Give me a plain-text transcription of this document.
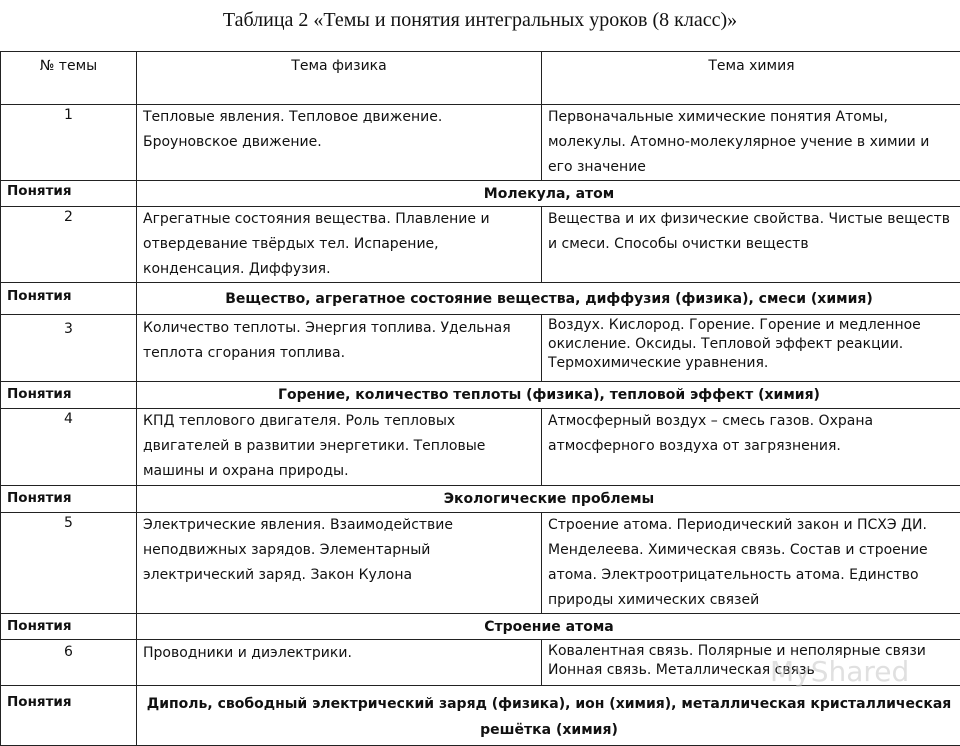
Таблица 2 «Темы и понятия интегральных уроков (8 класс)»
№ темы	Тема физика	Тема химия
1	Тепловые явления. Тепловое движение. Броуновское движение.	Первоначальные химические понятия Атомы, молекулы. Атомно-молекулярное учение в химии и его значение
Понятия	Молекула, атом	
2	Агрегатные состояния вещества. Плавление и отвердевание твёрдых тел. Испарение, конденсация. Диффузия.	Вещества и их физические свойства. Чистые веществ и смеси. Способы очистки веществ
Понятия	Вещество, агрегатное состояние вещества, диффузия (физика), смеси (химия)	
3	Количество теплоты. Энергия топлива. Удельная теплота сгорания топлива.	Воздух. Кислород. Горение. Горение и медленное окисление. Оксиды. Тепловой эффект реакции. Термохимические уравнения.
Понятия	Горение, количество теплоты (физика), тепловой эффект (химия)	
4	КПД теплового двигателя. Роль тепловых двигателей в развитии энергетики. Тепловые машины и охрана природы.	Атмосферный воздух – смесь газов. Охрана атмосферного воздуха от загрязнения.
Понятия	Экологические проблемы	
5	Электрические явления. Взаимодействие неподвижных зарядов. Элементарный электрический заряд. Закон Кулона	Строение атома. Периодический закон и ПСХЭ ДИ. Менделеева. Химическая связь. Состав и строение атома. Электроотрицательность атома. Единство природы химических связей
Понятия	Строение атома	
6	Проводники и диэлектрики.	Ковалентная связь. Полярные и неполярные связи Ионная связь. Металлическая связь
Понятия	Диполь, свободный электрический заряд (физика), ион (химия), металлическая кристаллическая решётка (химия)	
MyShared
